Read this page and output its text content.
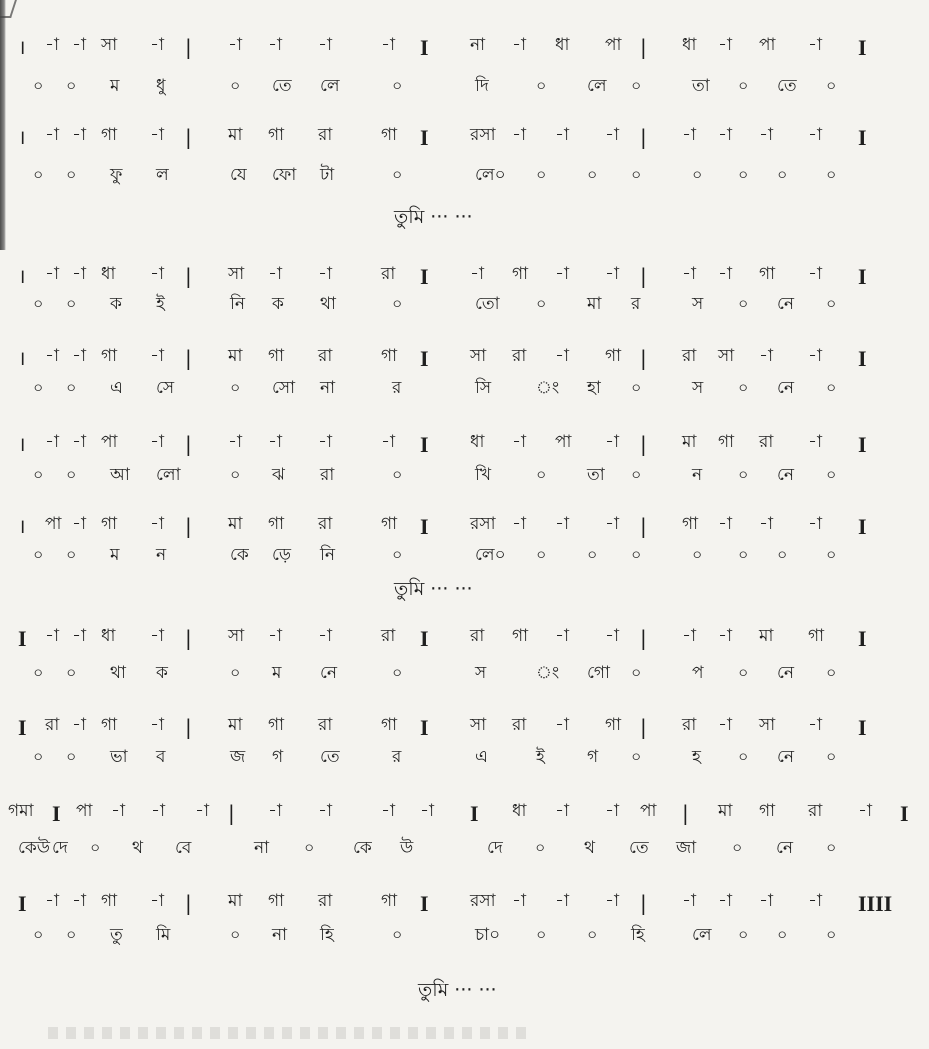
। -া -া সা -া | -া -া -া	-া I না -া ধা পা | ধা -া পা -া I
০ ০ ম ধু	০ তে লে	০	দি	০ লে ০	তা ০ তে ০
। -া -া গা -া | মা গা রা	গা I রসা -া -া -া | -া -া -া -া I
০ ০ ফু ল	যে ফো টা	০	লে০ ০	০ ০	০ ০ ০ ০
তুমি ··· ···
। -া -া ধা -া | সা -া -া	রা I -া গা -া -া | -া -া গা -া I
০ ০ ক ই	নি ক থা	০	তো ০ মা র	স ০ নে ০
। -া -া গা -া | মা গা রা	গা I সা রা -া গা | রা সা -া -া I
০ ০ এ সে	০ সো না	র	সি	ং হা ০	স ০ নে ০
। -া -া পা -া | -া -া -া	-া I ধা -া পা -া | মা গা রা -া I
০ ০ আ লো	০ ঝ রা	০	খি	০ তা ০	ন ০ নে ০
। পা -া গা -া | মা গা রা	গা I রসা -া -া -া | গা -া -া -া I
০ ০ ম ন	কে ড়ে নি	০	লে০ ০	০ ০	০ ০ ০ ০
তুমি ··· ···
I -া -া ধা -া | সা -া -া	রা I রা গা -া -া | -া -া মা গা I
০ ০ থা ক	০ ম নে	০	স	ং গো ০	প ০ নে ০
I রা -া গা -া | মা গা রা	গা I সা রা -া গা | রা -া সা -া I
০ ০ ভা ব	জ গ তে	র	এ	ই গ ০	হ ০ নে ০
গমা I পা -া -া -া | -া -া	-া -া I ধা -া -া পা | মা গা রা -া I
কেউ দে ০ থ বে	না ০ কে উ	দে ০ থ তে জা ০ নে ০
I -া -া গা -া | মা গা রা	গা I রসা -া -া -া | -া -া -া -া IIII
০ ০ তু মি	০ না হি	০	চা০ ০	০ হি	লে ০ ০ ০
তুমি ··· ···
